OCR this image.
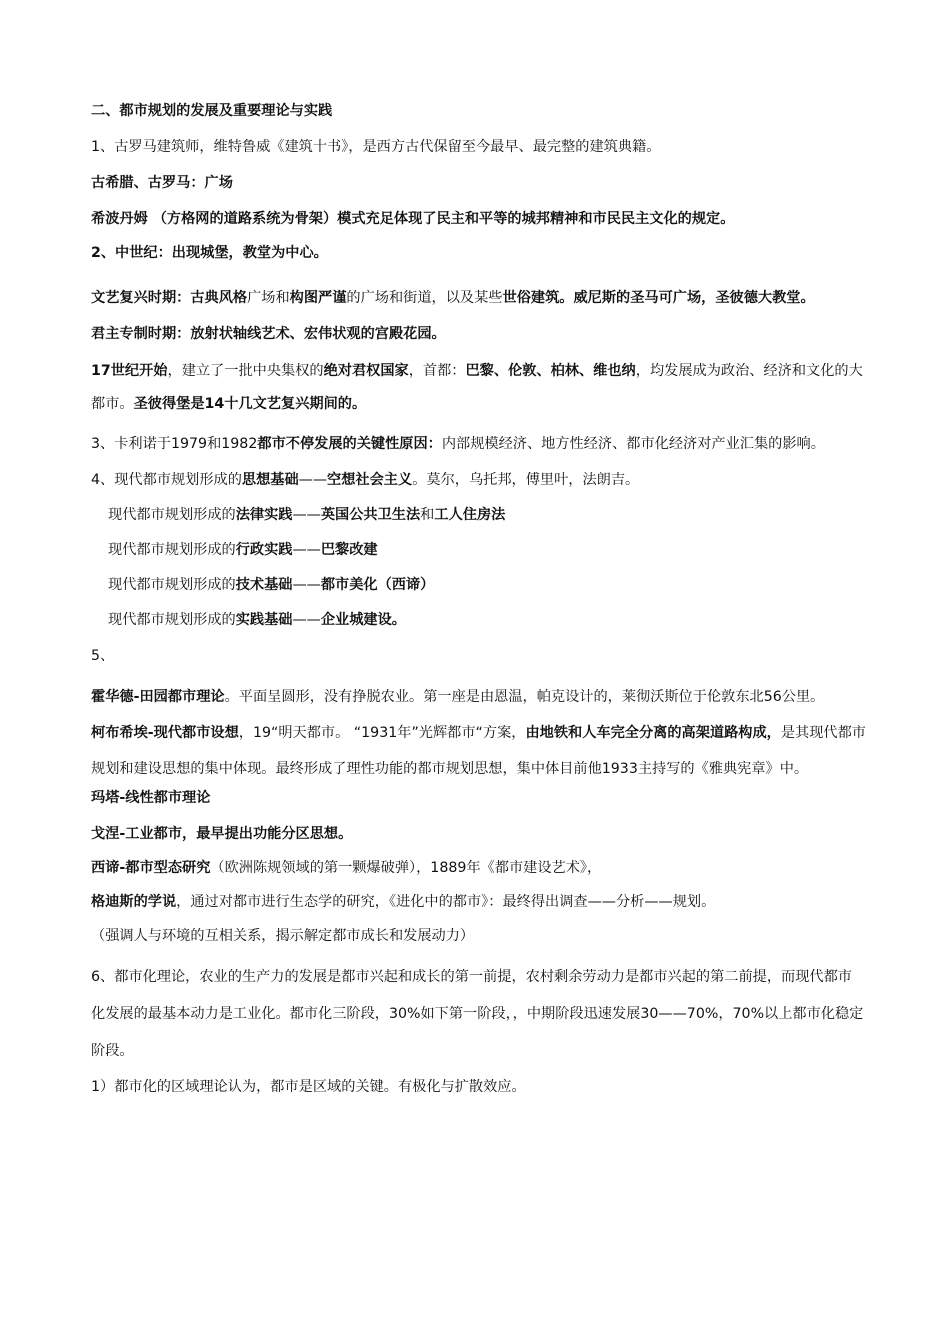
二、都市规划的发展及重要理论与实践

1、古罗马建筑师，维特鲁威《建筑十书》，是西方古代保留至今最早、最完整的建筑典籍。

古希腊、古罗马：广场

希波丹姆 （方格网的道路系统为骨架）模式充足体现了民主和平等的城邦精神和市民民主文化的规定。

2、中世纪：出现城堡，教堂为中心。

文艺复兴时期：古典风格广场和构图严谨的广场和街道，以及某些世俗建筑。威尼斯的圣马可广场，圣彼德大教堂。

君主专制时期：放射状轴线艺术、宏伟状观的宫殿花园。

17世纪开始，建立了一批中央集权的绝对君权国家，首都：巴黎、伦敦、柏林、维也纳，均发展成为政治、经济和文化的大都市。圣彼得堡是14十几文艺复兴期间的。

3、卡利诺于1979和1982都市不停发展的关键性原因：内部规模经济、地方性经济、都市化经济对产业汇集的影响。

4、现代都市规划形成的思想基础——空想社会主义。莫尔，乌托邦，傅里叶，法朗吉。

现代都市规划形成的法律实践——英国公共卫生法和工人住房法

现代都市规划形成的行政实践——巴黎改建

现代都市规划形成的技术基础——都市美化（西谛）

现代都市规划形成的实践基础——企业城建设。

5、

霍华德-田园都市理论。平面呈圆形，没有挣脱农业。第一座是由恩温，帕克设计的，莱彻沃斯位于伦敦东北56公里。

柯布希埃-现代都市设想，19“明天都市。 “1931年”光辉都市“方案，由地铁和人车完全分离的高架道路构成，是其现代都市规划和建设思想的集中体现。最终形成了理性功能的都市规划思想，集中体目前他1933主持写的《雅典宪章》中。

玛塔-线性都市理论

戈涅-工业都市，最早提出功能分区思想。

西谛-都市型态研究（欧洲陈规领域的第一颗爆破弹），1889年《都市建设艺术》，

格迪斯的学说，通过对都市进行生态学的研究，《进化中的都市》：最终得出调查——分析——规划。

（强调人与环境的互相关系，揭示解定都市成长和发展动力）

6、都市化理论，农业的生产力的发展是都市兴起和成长的第一前提，农村剩余劳动力是都市兴起的第二前提，而现代都市化发展的最基本动力是工业化。都市化三阶段，30%如下第一阶段，，中期阶段迅速发展30——70%，70%以上都市化稳定阶段。

1）都市化的区域理论认为，都市是区域的关键。有极化与扩散效应。
